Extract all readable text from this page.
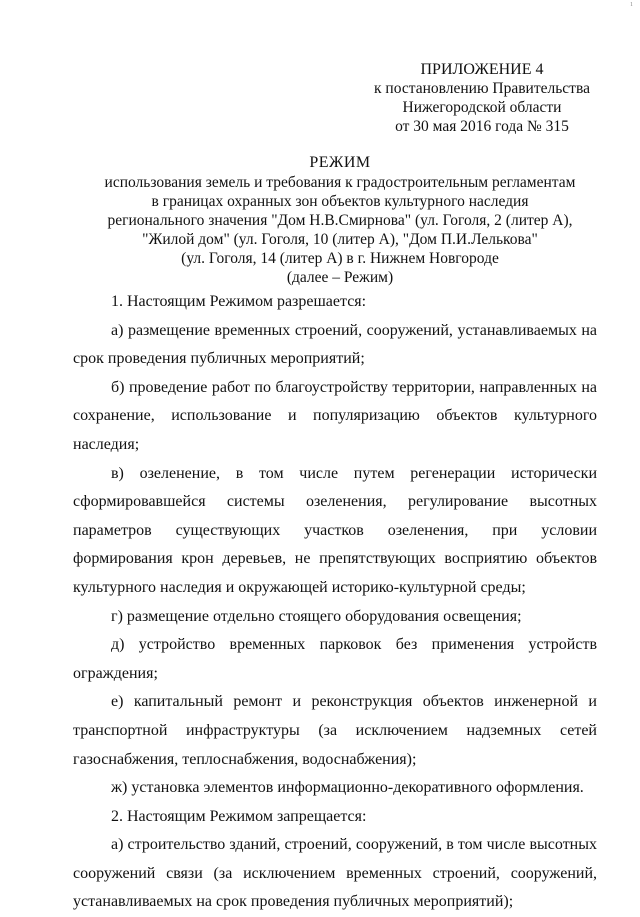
1
ПРИЛОЖЕНИЕ 4
к постановлению Правительства
Нижегородской области
от 30 мая 2016 года № 315
РЕЖИМ
использования земель и требования к градостроительным регламентам
в границах охранных зон объектов культурного наследия
регионального значения "Дом Н.В.Смирнова" (ул. Гоголя, 2 (литер А),
"Жилой дом" (ул. Гоголя, 10 (литер А), "Дом П.И.Лелькова"
(ул. Гоголя, 14 (литер А) в г. Нижнем Новгороде
(далее – Режим)

1. Настоящим Режимом разрешается:

а) размещение временных строений, сооружений, устанавливаемых на срок проведения публичных мероприятий;

б) проведение работ по благоустройству территории, направленных на сохранение, использование и популяризацию объектов культурного наследия;

в) озеленение, в том числе путем регенерации исторически сформировавшейся системы озеленения, регулирование высотных параметров существующих участков озеленения, при условии формирования крон деревьев, не препятствующих восприятию объектов культурного наследия и окружающей историко-культурной среды;

г) размещение отдельно стоящего оборудования освещения;

д) устройство временных парковок без применения устройств ограждения;

е) капитальный ремонт и реконструкция объектов инженерной и транспортной инфраструктуры (за исключением надземных сетей газоснабжения, теплоснабжения, водоснабжения);

ж) установка элементов информационно-декоративного оформления.

2. Настоящим Режимом запрещается:

а) строительство зданий, строений, сооружений, в том числе высотных сооружений связи (за исключением временных строений, сооружений, устанавливаемых на срок проведения публичных мероприятий);
